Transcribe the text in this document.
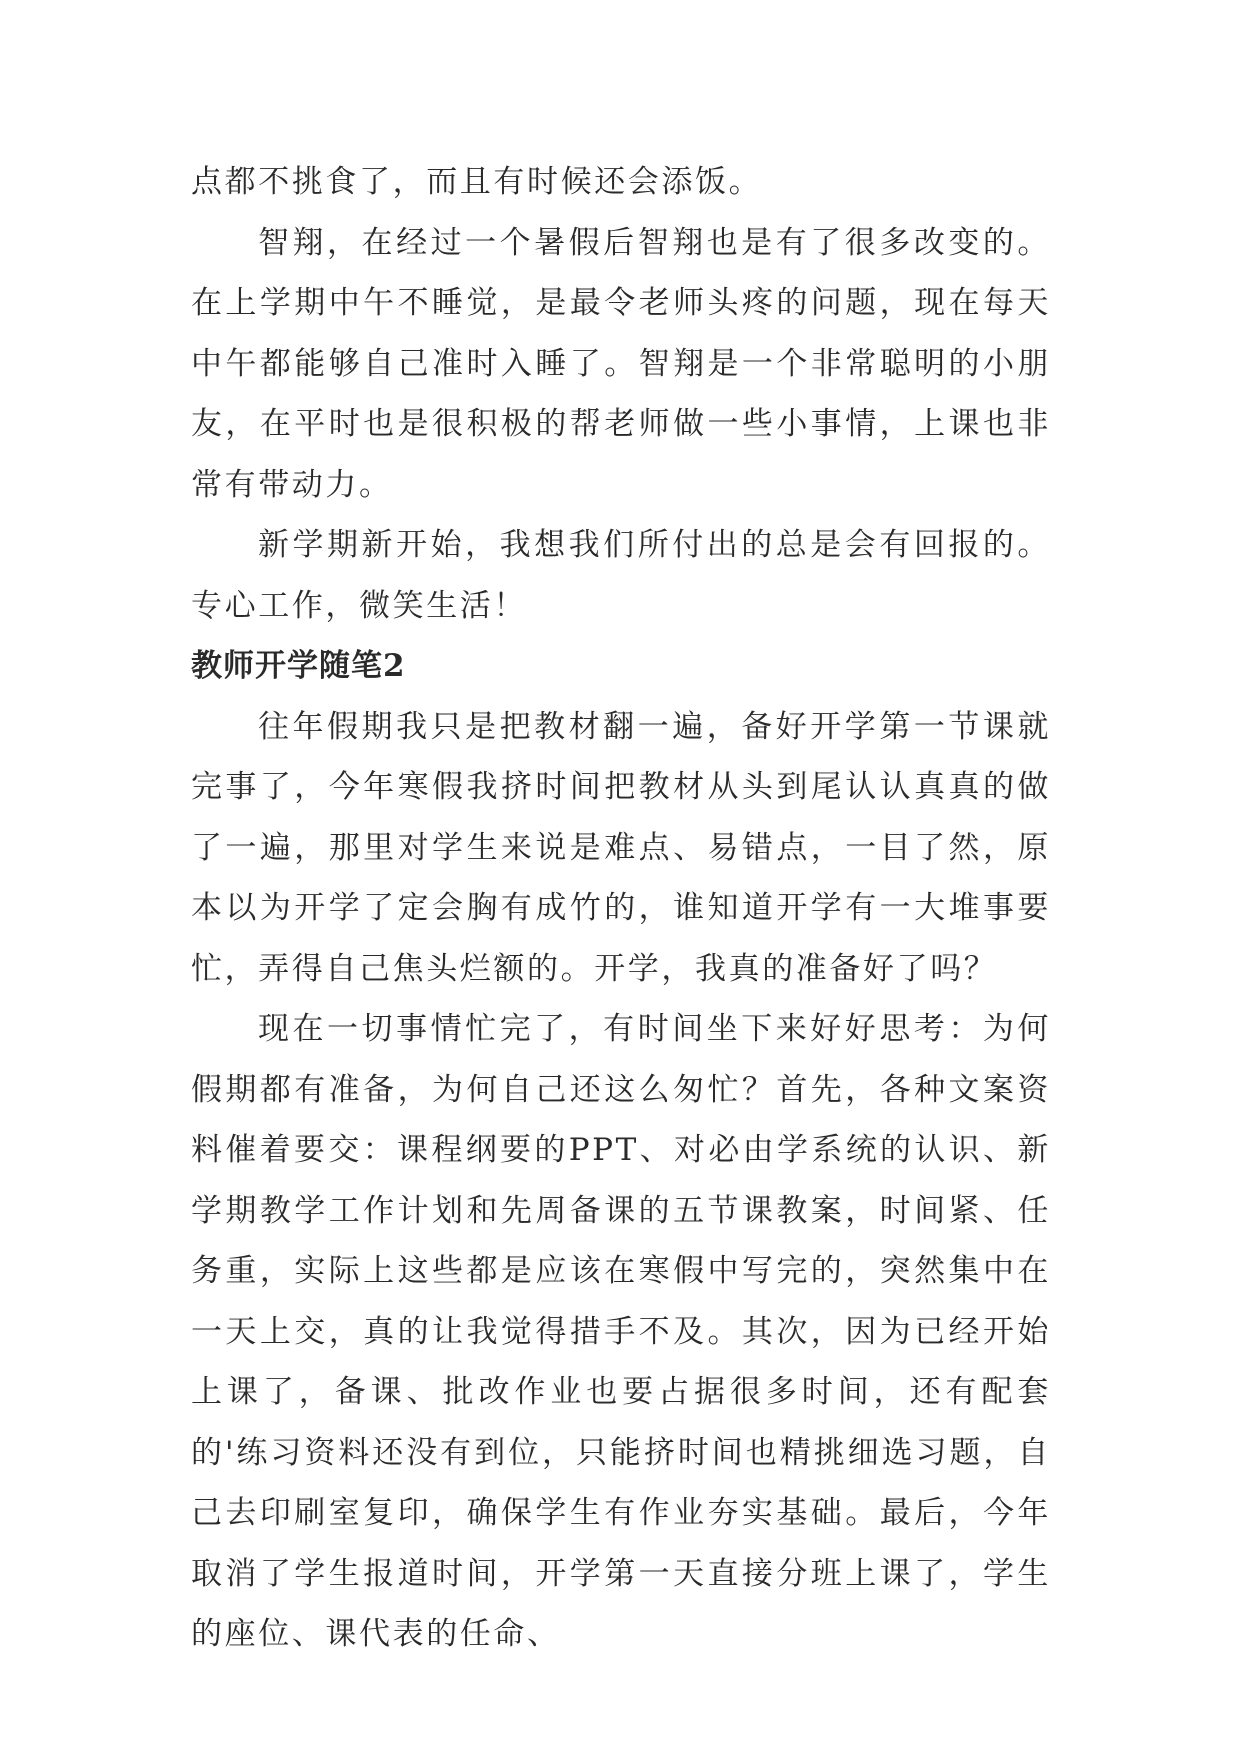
点都不挑食了，而且有时候还会添饭。

智翔，在经过一个暑假后智翔也是有了很多改变的。在上学期中午不睡觉，是最令老师头疼的问题，现在每天中午都能够自己准时入睡了。智翔是一个非常聪明的小朋友，在平时也是很积极的帮老师做一些小事情，上课也非常有带动力。

新学期新开始，我想我们所付出的总是会有回报的。专心工作，微笑生活！

教师开学随笔2

往年假期我只是把教材翻一遍，备好开学第一节课就完事了，今年寒假我挤时间把教材从头到尾认认真真的做了一遍，那里对学生来说是难点、易错点，一目了然，原本以为开学了定会胸有成竹的，谁知道开学有一大堆事要忙，弄得自己焦头烂额的。开学，我真的准备好了吗？

现在一切事情忙完了，有时间坐下来好好思考：为何假期都有准备，为何自己还这么匆忙？首先，各种文案资料催着要交：课程纲要的PPT、对必由学系统的认识、新学期教学工作计划和先周备课的五节课教案，时间紧、任务重，实际上这些都是应该在寒假中写完的，突然集中在一天上交，真的让我觉得措手不及。其次，因为已经开始上课了，备课、批改作业也要占据很多时间，还有配套的'练习资料还没有到位，只能挤时间也精挑细选习题，自己去印刷室复印，确保学生有作业夯实基础。最后，今年取消了学生报道时间，开学第一天直接分班上课了，学生的座位、课代表的任命、
